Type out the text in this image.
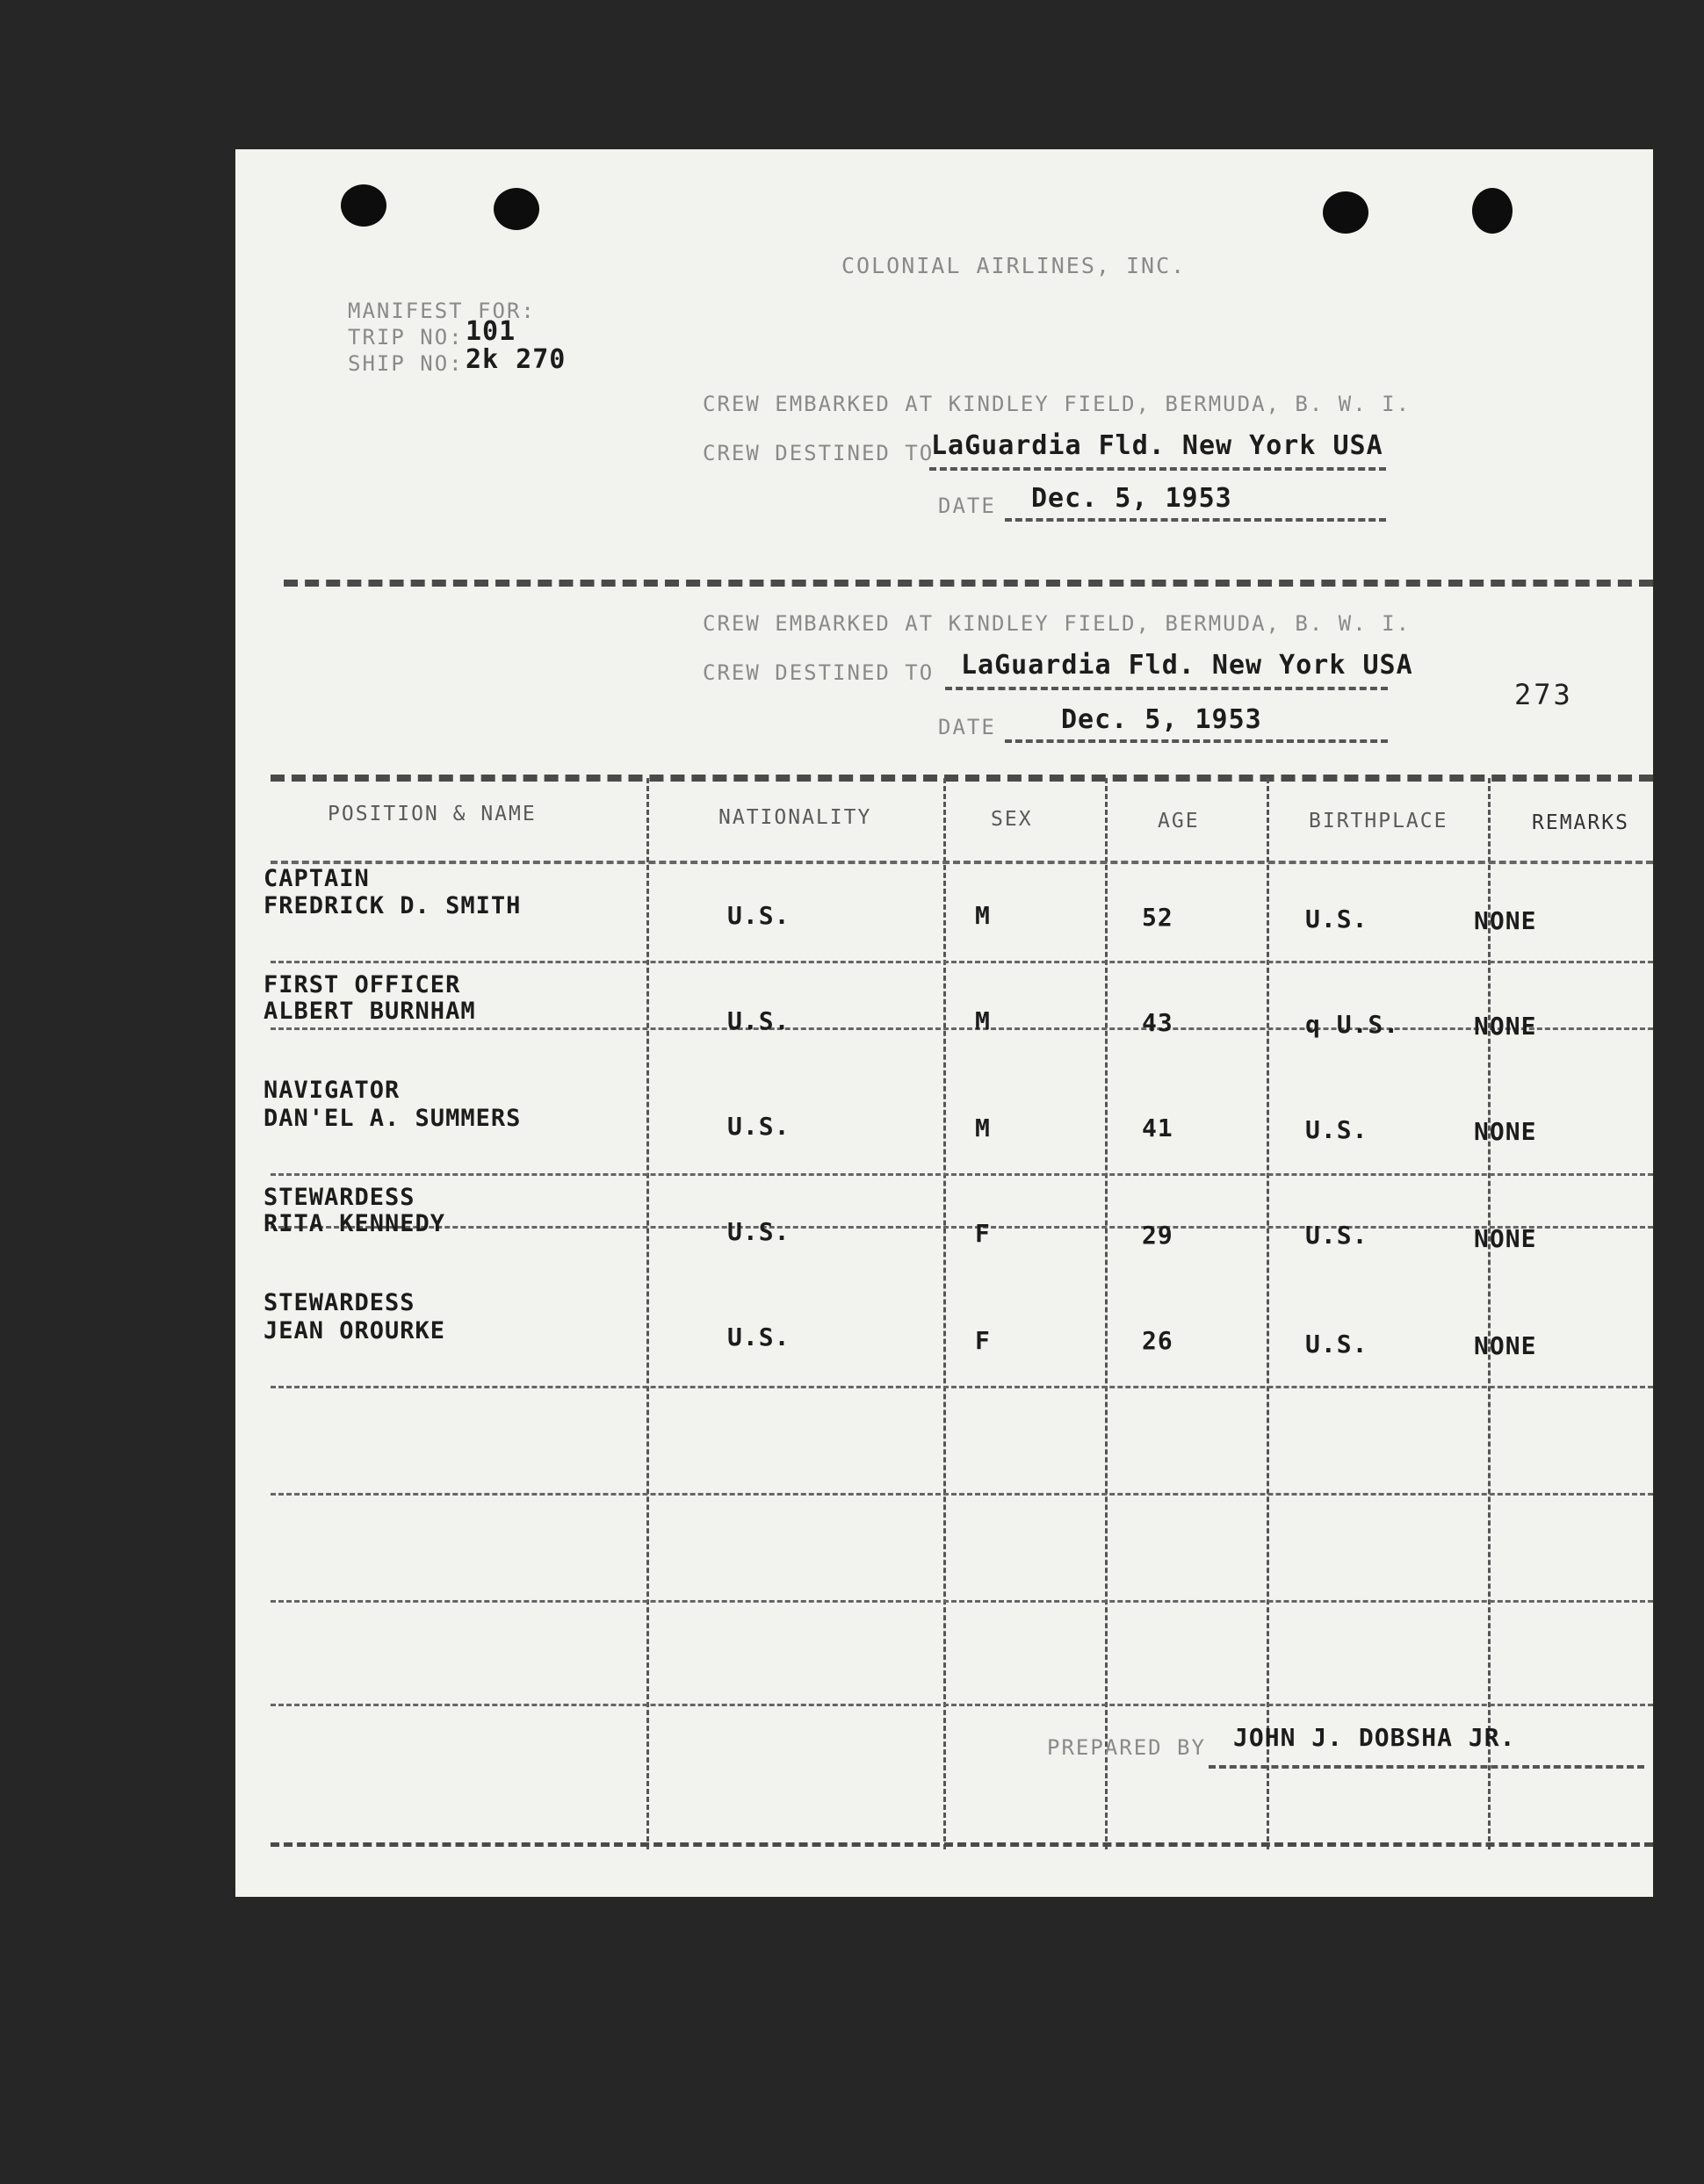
COLONIAL AIRLINES, INC.
MANIFEST FOR:
TRIP NO: 101
SHIP NO: 2k 270
CREW EMBARKED AT KINDLEY FIELD, BERMUDA, B. W. I.
CREW DESTINED TO
LaGuardia Fld. New York USA
DATE Dec. 5, 1953
CREW EMBARKED AT KINDLEY FIELD, BERMUDA, B. W. I.
CREW DESTINED TO LaGuardia Fld. New York USA
DATE Dec. 5, 1953
273
POSITION & NAME	NATIONALITY	SEX	AGE	BIRTHPLACE	REMARKS
CAPTAIN
FREDRICK D. SMITH	U.S.	M	52	U.S.	NONE
FIRST OFFICER
ALBERT BURNHAM	U.S.	M	43	q U.S.	NONE
NAVIGATOR
DAN'EL A. SUMMERS	U.S.	M	41	U.S.	NONE
STEWARDESS
RITA KENNEDY	U.S.	F	29	U.S.	NONE
STEWARDESS
JEAN OROURKE	U.S.	F	26	U.S.	NONE
PREPARED BY JOHN J. DOBSHA JR.
